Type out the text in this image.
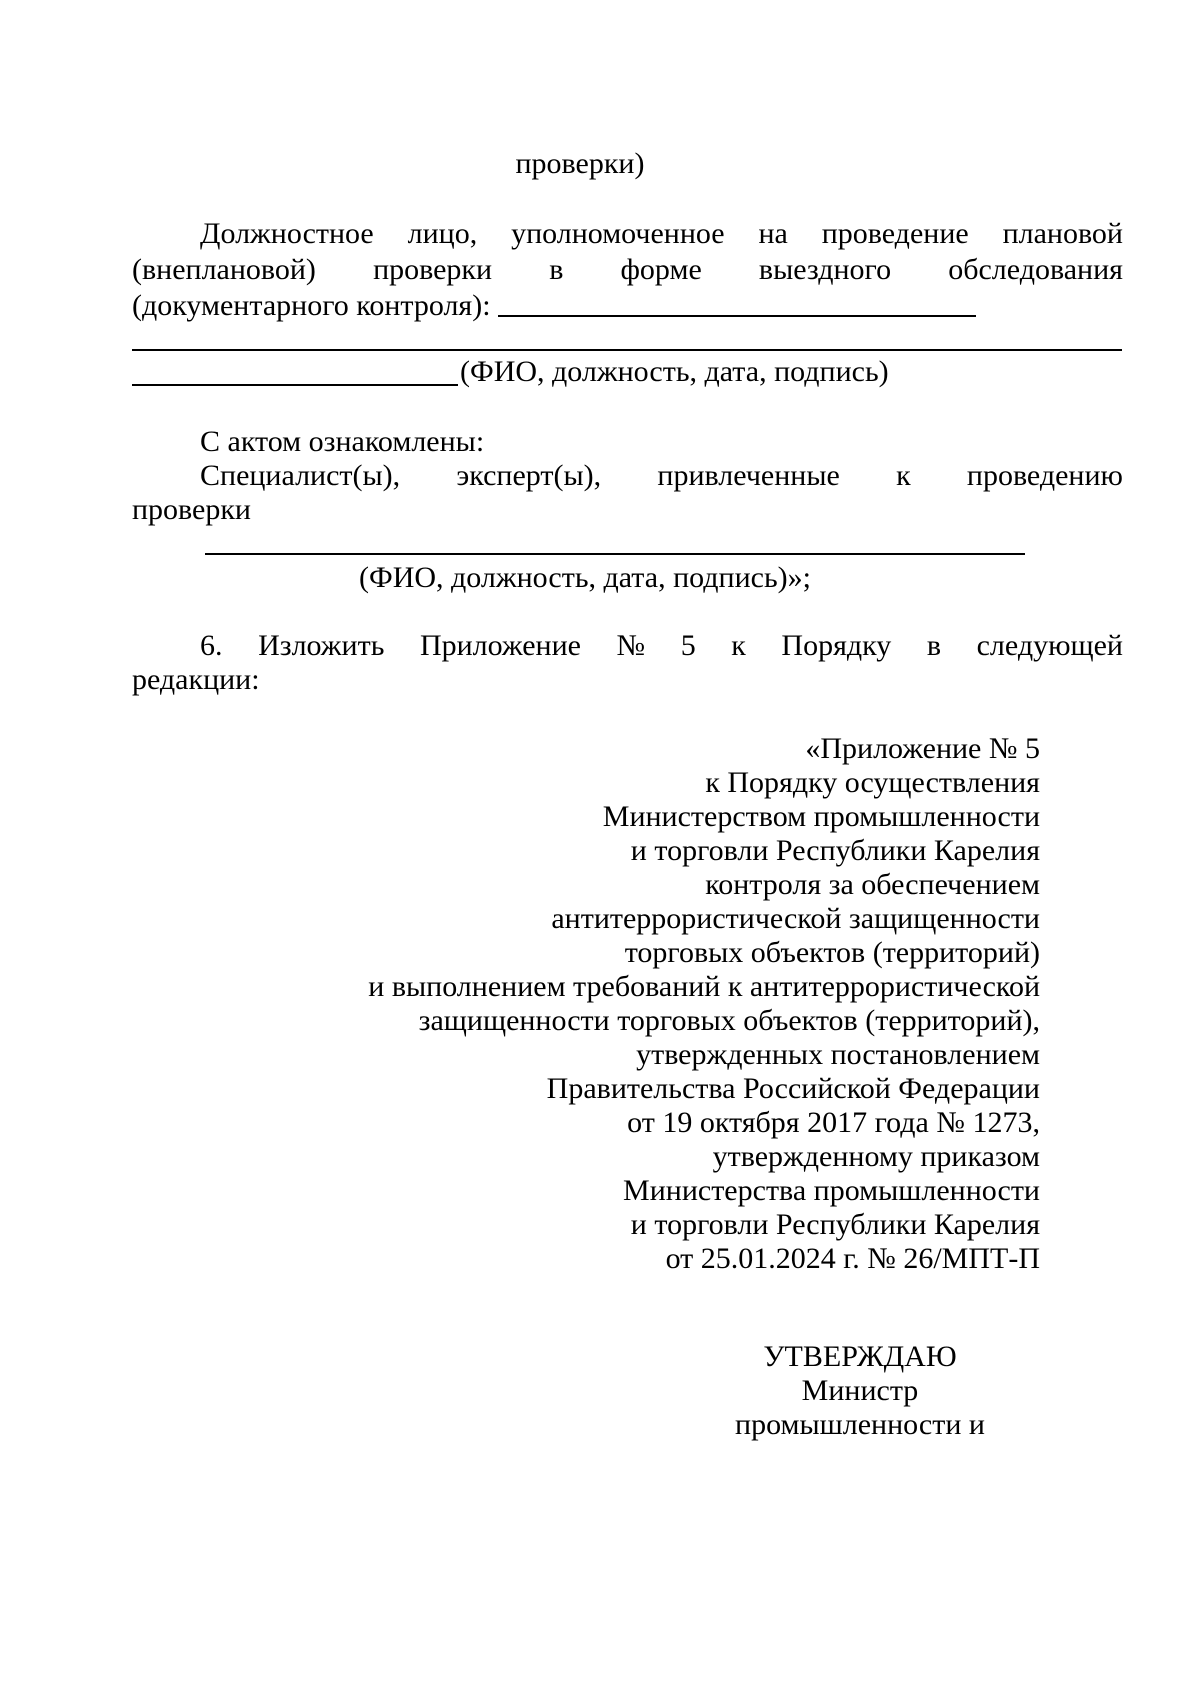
проверки)
Должностное лицо, уполномоченное на проведение плановой
(внеплановой) проверки в форме выездного обследования
(документарного контроля):
(ФИО, должность, дата, подпись)
С актом ознакомлены:
Специалист(ы), эксперт(ы), привлеченные к проведению
проверки
(ФИО, должность, дата, подпись)»;
6. Изложить Приложение № 5 к Порядку в следующей
редакции:
«Приложение № 5
к Порядку осуществления
Министерством промышленности
и торговли Республики Карелия
контроля за обеспечением
антитеррористической защищенности
торговых объектов (территорий)
и выполнением требований к антитеррористической
защищенности торговых объектов (территорий),
утвержденных постановлением
Правительства Российской Федерации
от 19 октября 2017 года № 1273,
утвержденному приказом
Министерства промышленности
и торговли Республики Карелия
от 25.01.2024 г. № 26/МПТ-П
УТВЕРЖДАЮ
Министр
промышленности и
